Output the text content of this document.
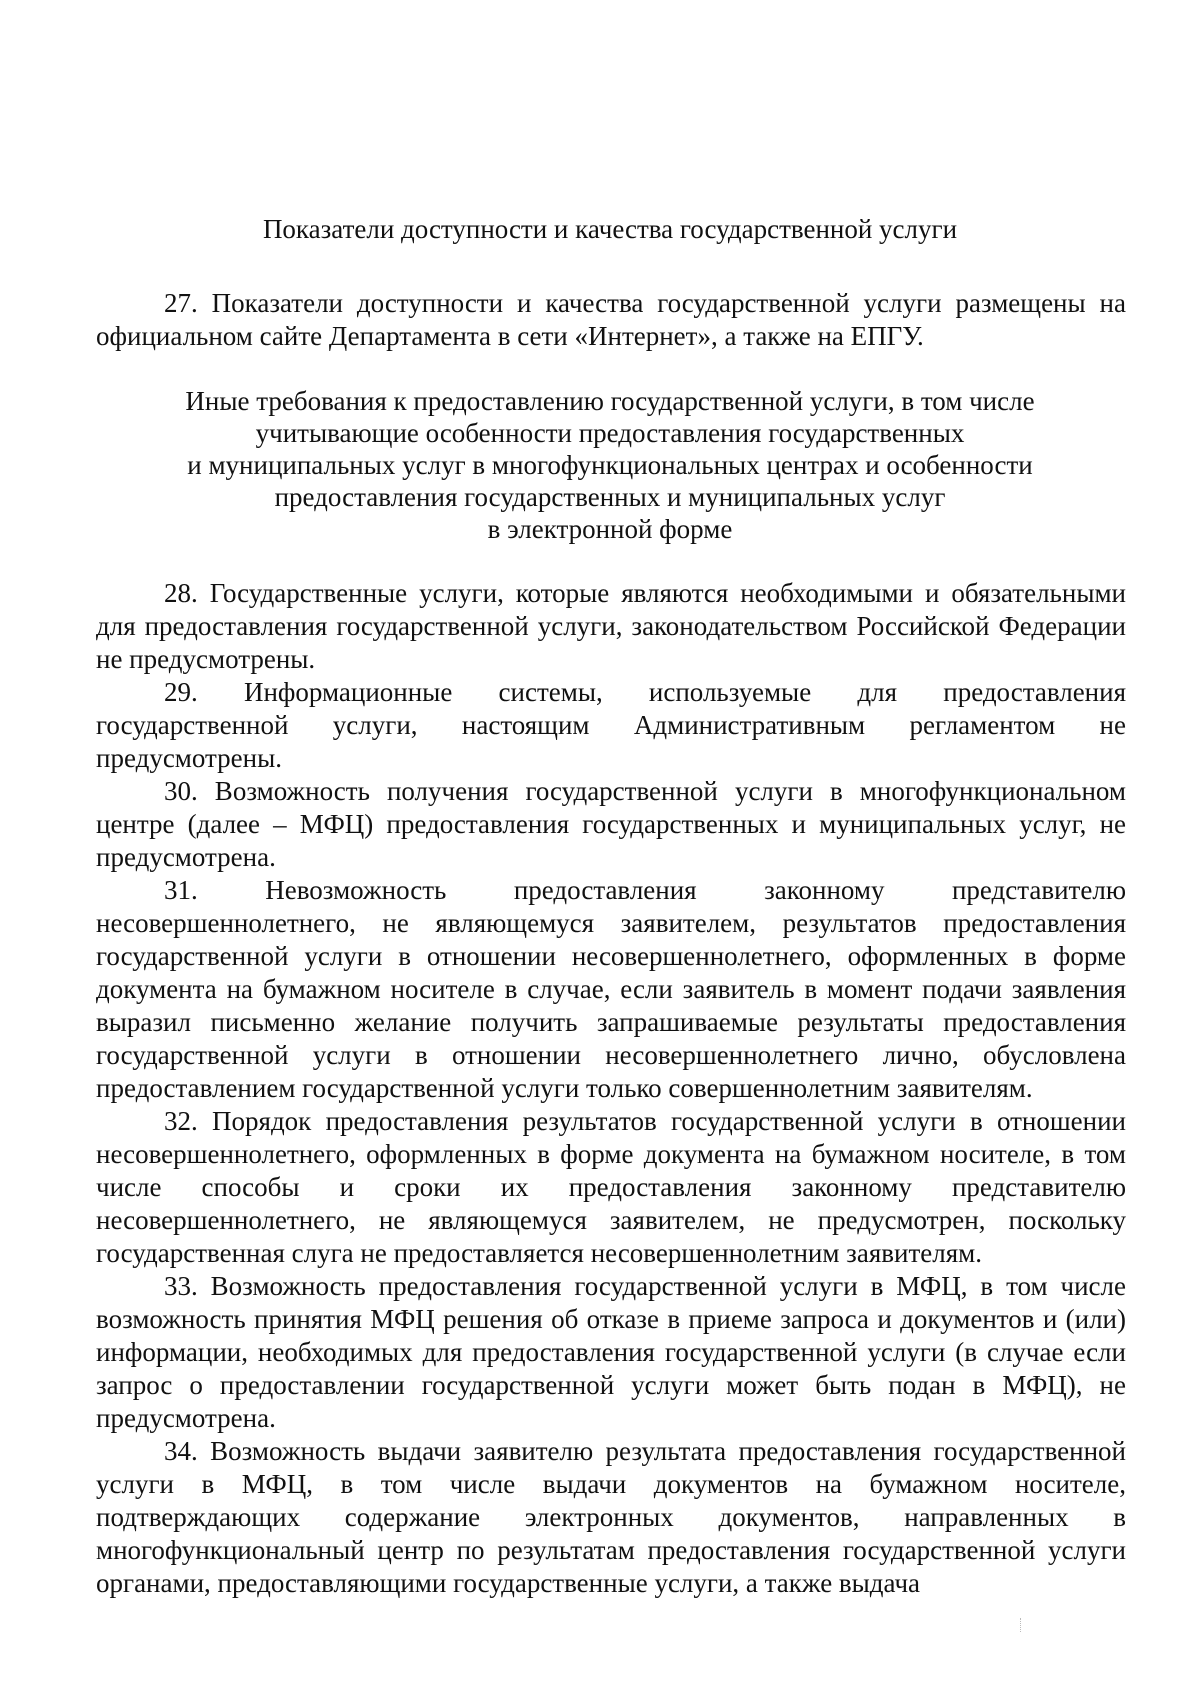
Показатели доступности и качества государственной услуги

27. Показатели доступности и качества государственной услуги размещены на официальном сайте Департамента в сети «Интернет», а также на ЕПГУ.

Иные требования к предоставлению государственной услуги, в том числе
учитывающие особенности предоставления государственных
и муниципальных услуг в многофункциональных центрах и особенности
предоставления государственных и муниципальных услуг
в электронной форме

28. Государственные услуги, которые являются необходимыми и обязательными для предоставления государственной услуги, законодательством Российской Федерации не предусмотрены.

29. Информационные системы, используемые для предоставления государственной услуги, настоящим Административным регламентом не предусмотрены.

30. Возможность получения государственной услуги в многофункциональном центре (далее – МФЦ) предоставления государственных и муниципальных услуг, не предусмотрена.

31. Невозможность предоставления законному представителю несовершеннолетнего, не являющемуся заявителем, результатов предоставления государственной услуги в отношении несовершеннолетнего, оформленных в форме документа на бумажном носителе в случае, если заявитель в момент подачи заявления выразил письменно желание получить запрашиваемые результаты предоставления государственной услуги в отношении несовершеннолетнего лично, обусловлена предоставлением государственной услуги только совершеннолетним заявителям.

32. Порядок предоставления результатов государственной услуги в отношении несовершеннолетнего, оформленных в форме документа на бумажном носителе, в том числе способы и сроки их предоставления законному представителю несовершеннолетнего, не являющемуся заявителем, не предусмотрен, поскольку государственная слуга не предоставляется несовершеннолетним заявителям.

33. Возможность предоставления государственной услуги в МФЦ, в том числе возможность принятия МФЦ решения об отказе в приеме запроса и документов и (или) информации, необходимых для предоставления государственной услуги (в случае если запрос о предоставлении государственной услуги может быть подан в МФЦ), не предусмотрена.

34. Возможность выдачи заявителю результата предоставления государственной услуги в МФЦ, в том числе выдачи документов на бумажном носителе, подтверждающих содержание электронных документов, направленных в многофункциональный центр по результатам предоставления государственной услуги органами, предоставляющими государственные услуги, а также выдача
